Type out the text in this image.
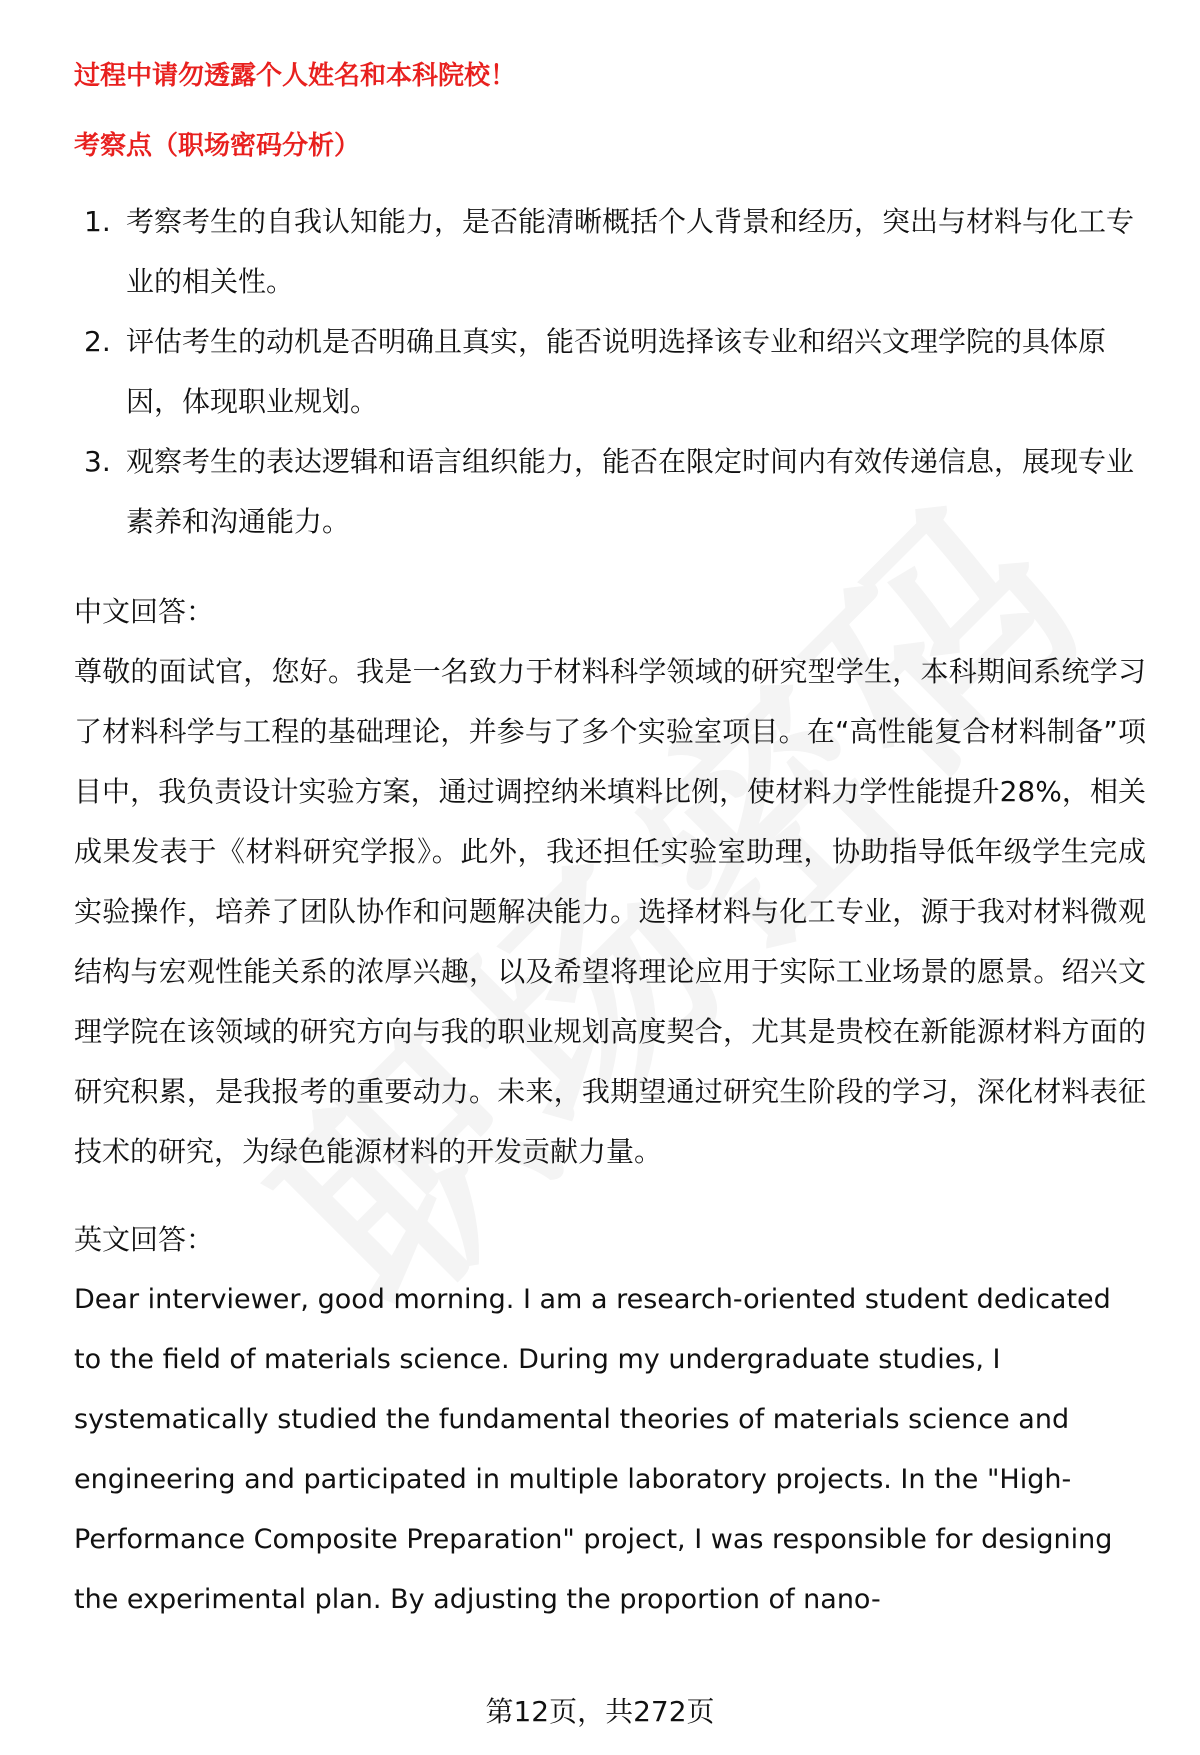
过程中请勿透露个人姓名和本科院校！

考察点（职场密码分析）

1. 考察考生的自我认知能力，是否能清晰概括个人背景和经历，突出与材料与化工专业的相关性。
2. 评估考生的动机是否明确且真实，能否说明选择该专业和绍兴文理学院的具体原因，体现职业规划。
3. 观察考生的表达逻辑和语言组织能力，能否在限定时间内有效传递信息，展现专业素养和沟通能力。

中文回答：

尊敬的面试官，您好。我是一名致力于材料科学领域的研究型学生，本科期间系统学习了材料科学与工程的基础理论，并参与了多个实验室项目。在“高性能复合材料制备”项目中，我负责设计实验方案，通过调控纳米填料比例，使材料力学性能提升28%，相关成果发表于《材料研究学报》。此外，我还担任实验室助理，协助指导低年级学生完成实验操作，培养了团队协作和问题解决能力。选择材料与化工专业，源于我对材料微观结构与宏观性能关系的浓厚兴趣，以及希望将理论应用于实际工业场景的愿景。绍兴文理学院在该领域的研究方向与我的职业规划高度契合，尤其是贵校在新能源材料方面的研究积累，是我报考的重要动力。未来，我期望通过研究生阶段的学习，深化材料表征技术的研究，为绿色能源材料的开发贡献力量。

英文回答：

Dear interviewer, good morning. I am a research-oriented student dedicated to the field of materials science. During my undergraduate studies, I systematically studied the fundamental theories of materials science and engineering and participated in multiple laboratory projects. In the "High-Performance Composite Preparation" project, I was responsible for designing the experimental plan. By adjusting the proportion of nano-

第12页，共272页
